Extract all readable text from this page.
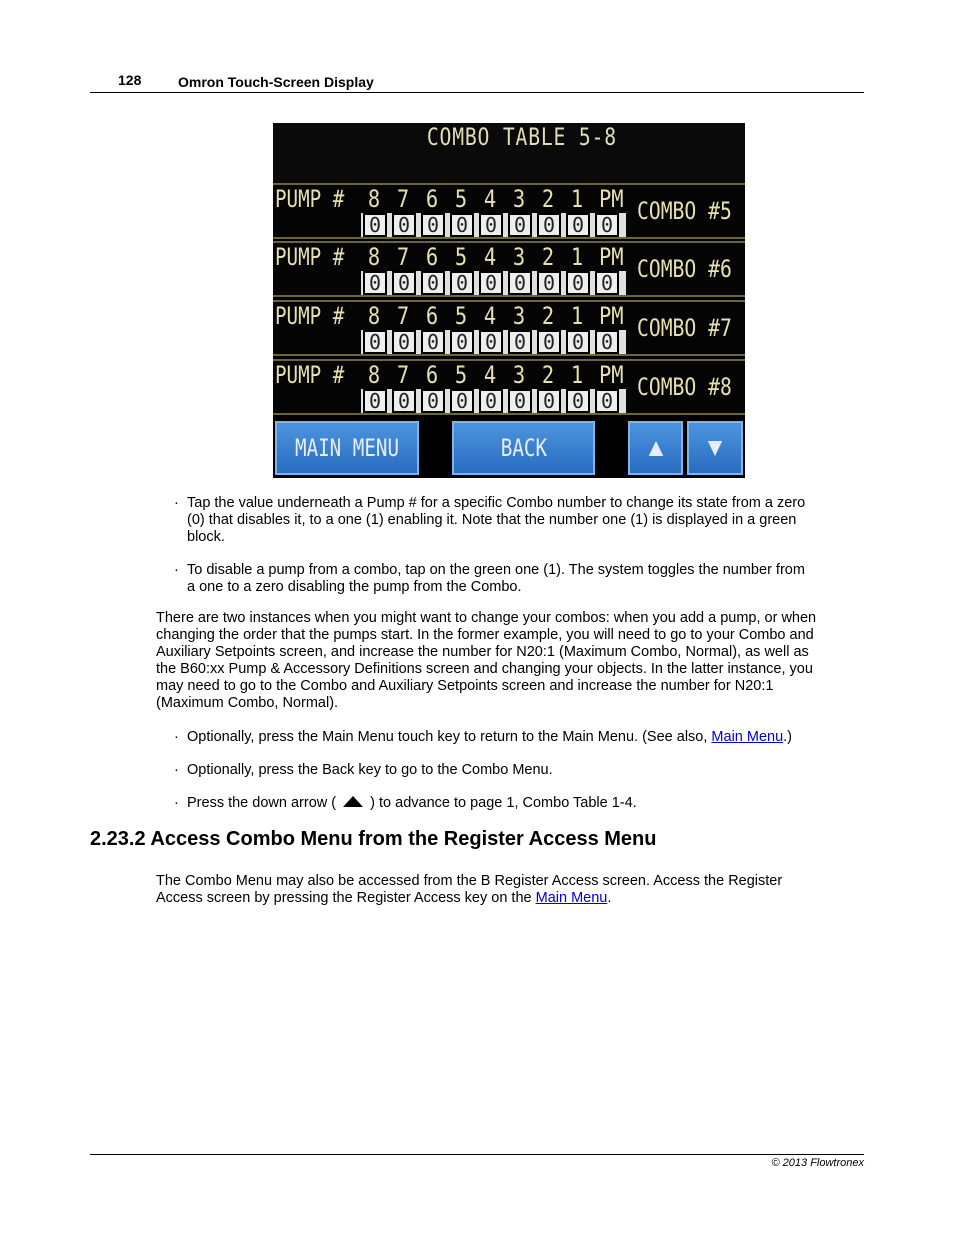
128	Omron Touch-Screen Display
COMBO TABLE 5-8
PUMP # 8 7 6 5 4 3 2 1 PM
0 0 0 0 0 0 0 0 0 COMBO #5
PUMP # 8 7 6 5 4 3 2 1 PM
0 0 0 0 0 0 0 0 0 COMBO #6
PUMP # 8 7 6 5 4 3 2 1 PM
0 0 0 0 0 0 0 0 0 COMBO #7
PUMP # 8 7 6 5 4 3 2 1 PM
0 0 0 0 0 0 0 0 0 COMBO #8
MAIN MENU	BACK
· Tap the value underneath a Pump # for a specific Combo number to change its state from a zero
(0) that disables it, to a one (1) enabling it. Note that the number one (1) is displayed in a green
block.
· To disable a pump from a combo, tap on the green one (1). The system toggles the number from
a one to a zero disabling the pump from the Combo.
There are two instances when you might want to change your combos: when you add a pump, or when
changing the order that the pumps start. In the former example, you will need to go to your Combo and
Auxiliary Setpoints screen, and increase the number for N20:1 (Maximum Combo, Normal), as well as
the B60:xx Pump & Accessory Definitions screen and changing your objects. In the latter instance, you
may need to go to the Combo and Auxiliary Setpoints screen and increase the number for N20:1
(Maximum Combo, Normal).
· Optionally, press the Main Menu touch key to return to the Main Menu. (See also, Main Menu.)
· Optionally, press the Back key to go to the Combo Menu.
· Press the down arrow ( ) to advance to page 1, Combo Table 1-4.
2.23.2 Access Combo Menu from the Register Access Menu
The Combo Menu may also be accessed from the B Register Access screen. Access the Register
Access screen by pressing the Register Access key on the Main Menu.
© 2013 Flowtronex
